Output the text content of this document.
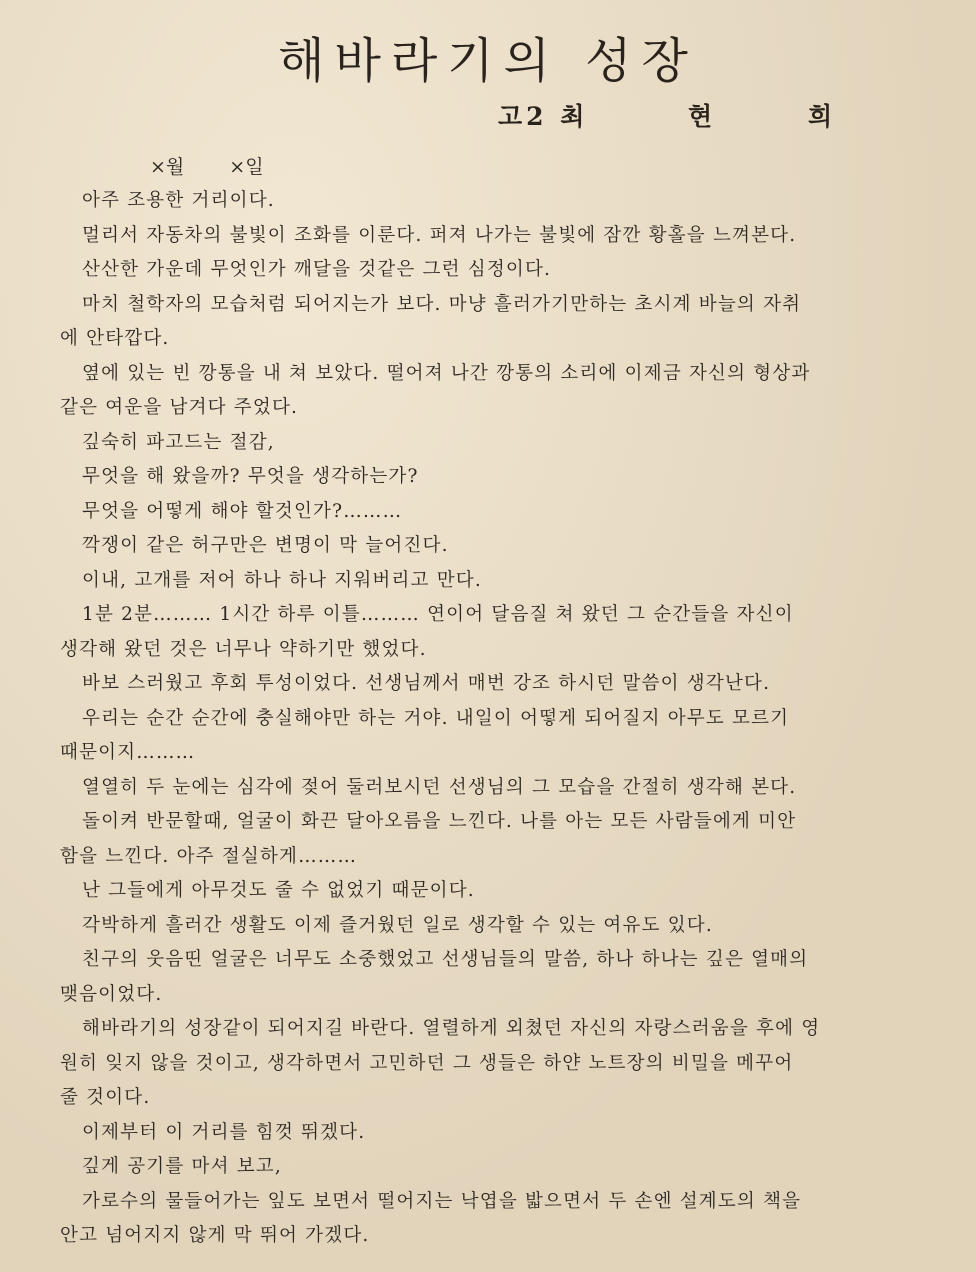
해바라기의 성장
고2 최	현	희
×월 ×일
아주 조용한 거리이다.
멀리서 자동차의 불빛이 조화를 이룬다. 퍼져 나가는 불빛에 잠깐 황홀을 느껴본다.
산산한 가운데 무엇인가 깨달을 것같은 그런 심정이다.
마치 철학자의 모습처럼 되어지는가 보다. 마냥 흘러가기만하는 초시계 바늘의 자취
에 안타깝다.
옆에 있는 빈 깡통을 내 쳐 보았다. 떨어져 나간 깡통의 소리에 이제금 자신의 형상과
같은 여운을 남겨다 주었다.
깊숙히 파고드는 절감,
무엇을 해 왔을까? 무엇을 생각하는가?
무엇을 어떻게 해야 할것인가?………
깍쟁이 같은 허구만은 변명이 막 늘어진다.
이내, 고개를 저어 하나 하나 지워버리고 만다.
1분 2분……… 1시간 하루 이틀……… 연이어 달음질 쳐 왔던 그 순간들을 자신이
생각해 왔던 것은 너무나 약하기만 했었다.
바보 스러웠고 후회 투성이었다. 선생님께서 매번 강조 하시던 말씀이 생각난다.
우리는 순간 순간에 충실해야만 하는 거야. 내일이 어떻게 되어질지 아무도 모르기
때문이지………
열열히 두 눈에는 심각에 젖어 둘러보시던 선생님의 그 모습을 간절히 생각해 본다.
돌이켜 반문할때, 얼굴이 화끈 달아오름을 느낀다. 나를 아는 모든 사람들에게 미안
함을 느낀다. 아주 절실하게………
난 그들에게 아무것도 줄 수 없었기 때문이다.
각박하게 흘러간 생활도 이제 즐거웠던 일로 생각할 수 있는 여유도 있다.
친구의 웃음띤 얼굴은 너무도 소중했었고 선생님들의 말씀, 하나 하나는 깊은 열매의
맺음이었다.
해바라기의 성장같이 되어지길 바란다. 열렬하게 외쳤던 자신의 자랑스러움을 후에 영
원히 잊지 않을 것이고, 생각하면서 고민하던 그 생들은 하얀 노트장의 비밀을 메꾸어
줄 것이다.
이제부터 이 거리를 힘껏 뛰겠다.
깊게 공기를 마셔 보고,
가로수의 물들어가는 잎도 보면서 떨어지는 낙엽을 밟으면서 두 손엔 설계도의 책을
안고 넘어지지 않게 막 뛰어 가겠다.
